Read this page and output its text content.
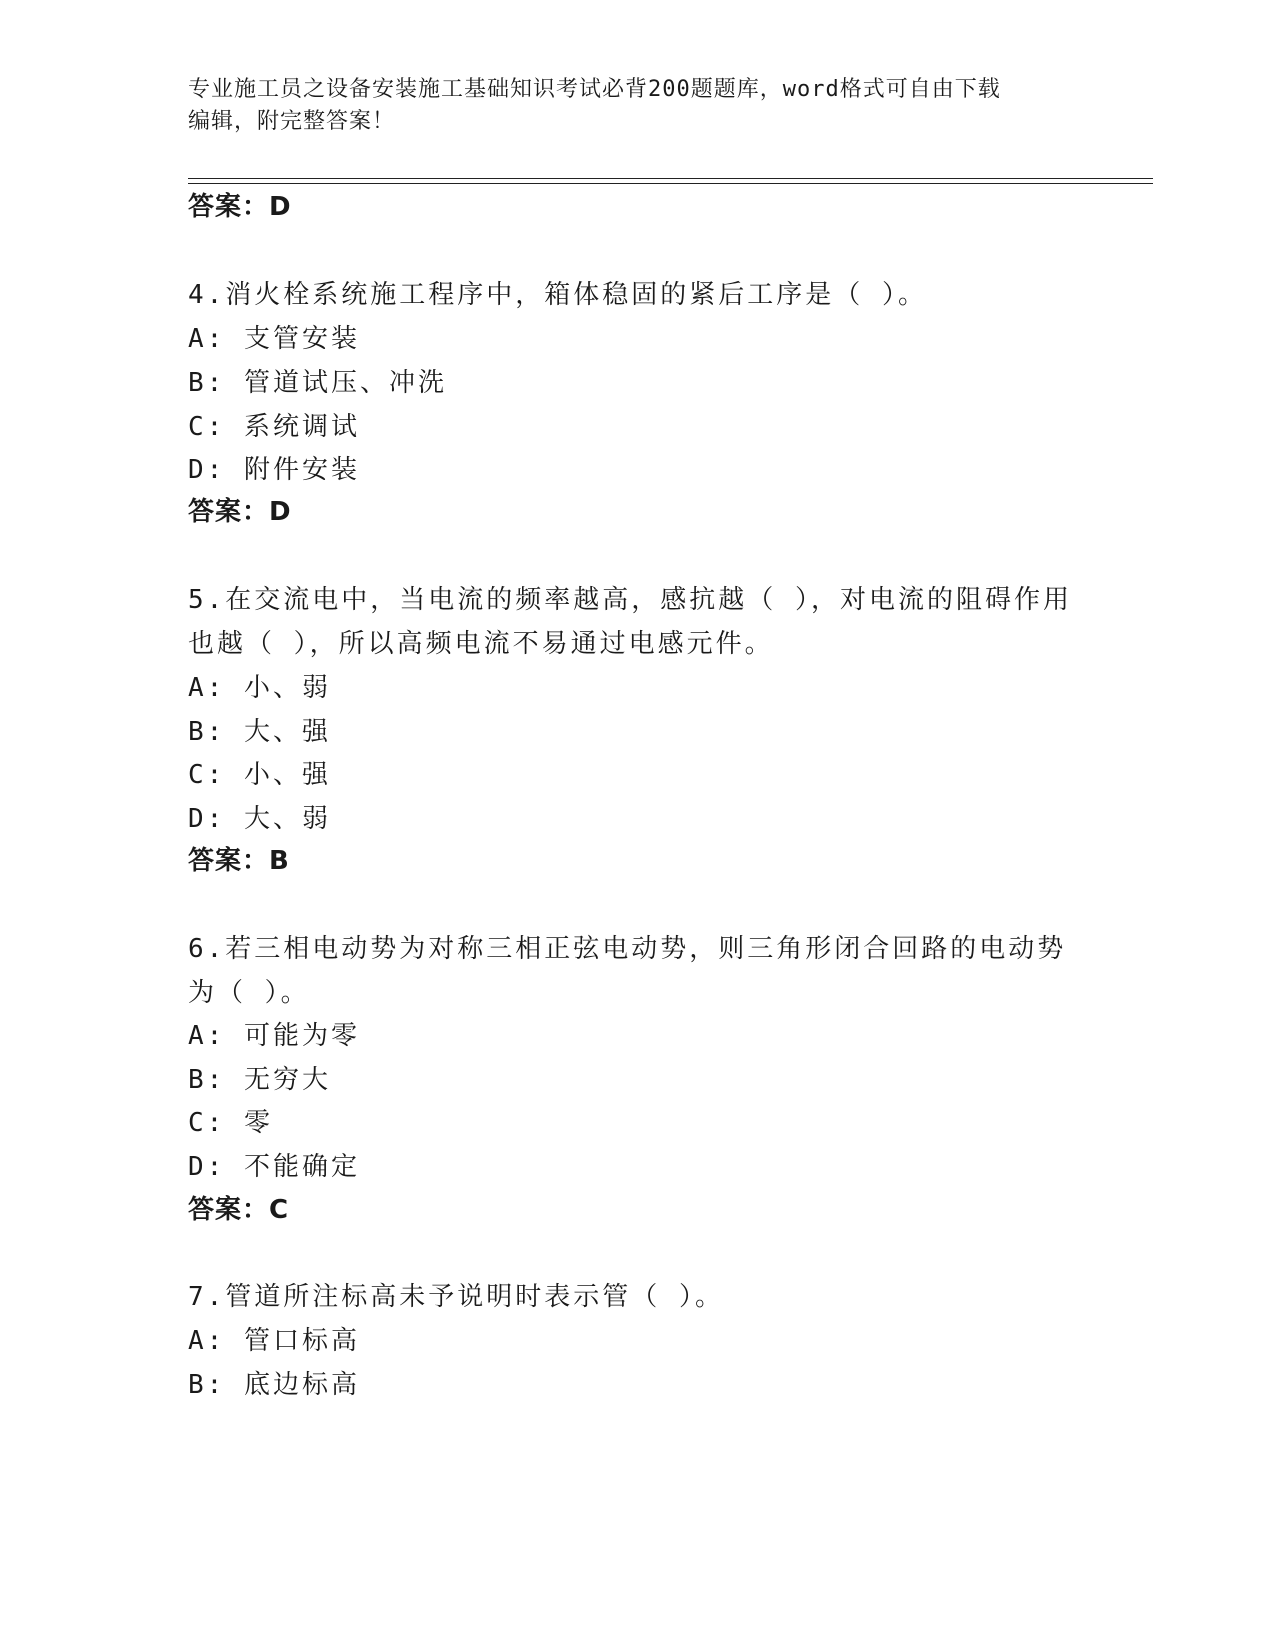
专业施工员之设备安装施工基础知识考试必背200题题库，word格式可自由下载
编辑，附完整答案！
答案：D
4.消火栓系统施工程序中，箱体稳固的紧后工序是（ ）。
A: 支管安装
B: 管道试压、冲洗
C: 系统调试
D: 附件安装
答案：D
5.在交流电中，当电流的频率越高，感抗越（ ），对电流的阻碍作用
也越（ ），所以高频电流不易通过电感元件。
A: 小、弱
B: 大、强
C: 小、强
D: 大、弱
答案：B
6.若三相电动势为对称三相正弦电动势，则三角形闭合回路的电动势
为（ ）。
A: 可能为零
B: 无穷大
C: 零
D: 不能确定
答案：C
7.管道所注标高未予说明时表示管（ ）。
A: 管口标高
B: 底边标高
